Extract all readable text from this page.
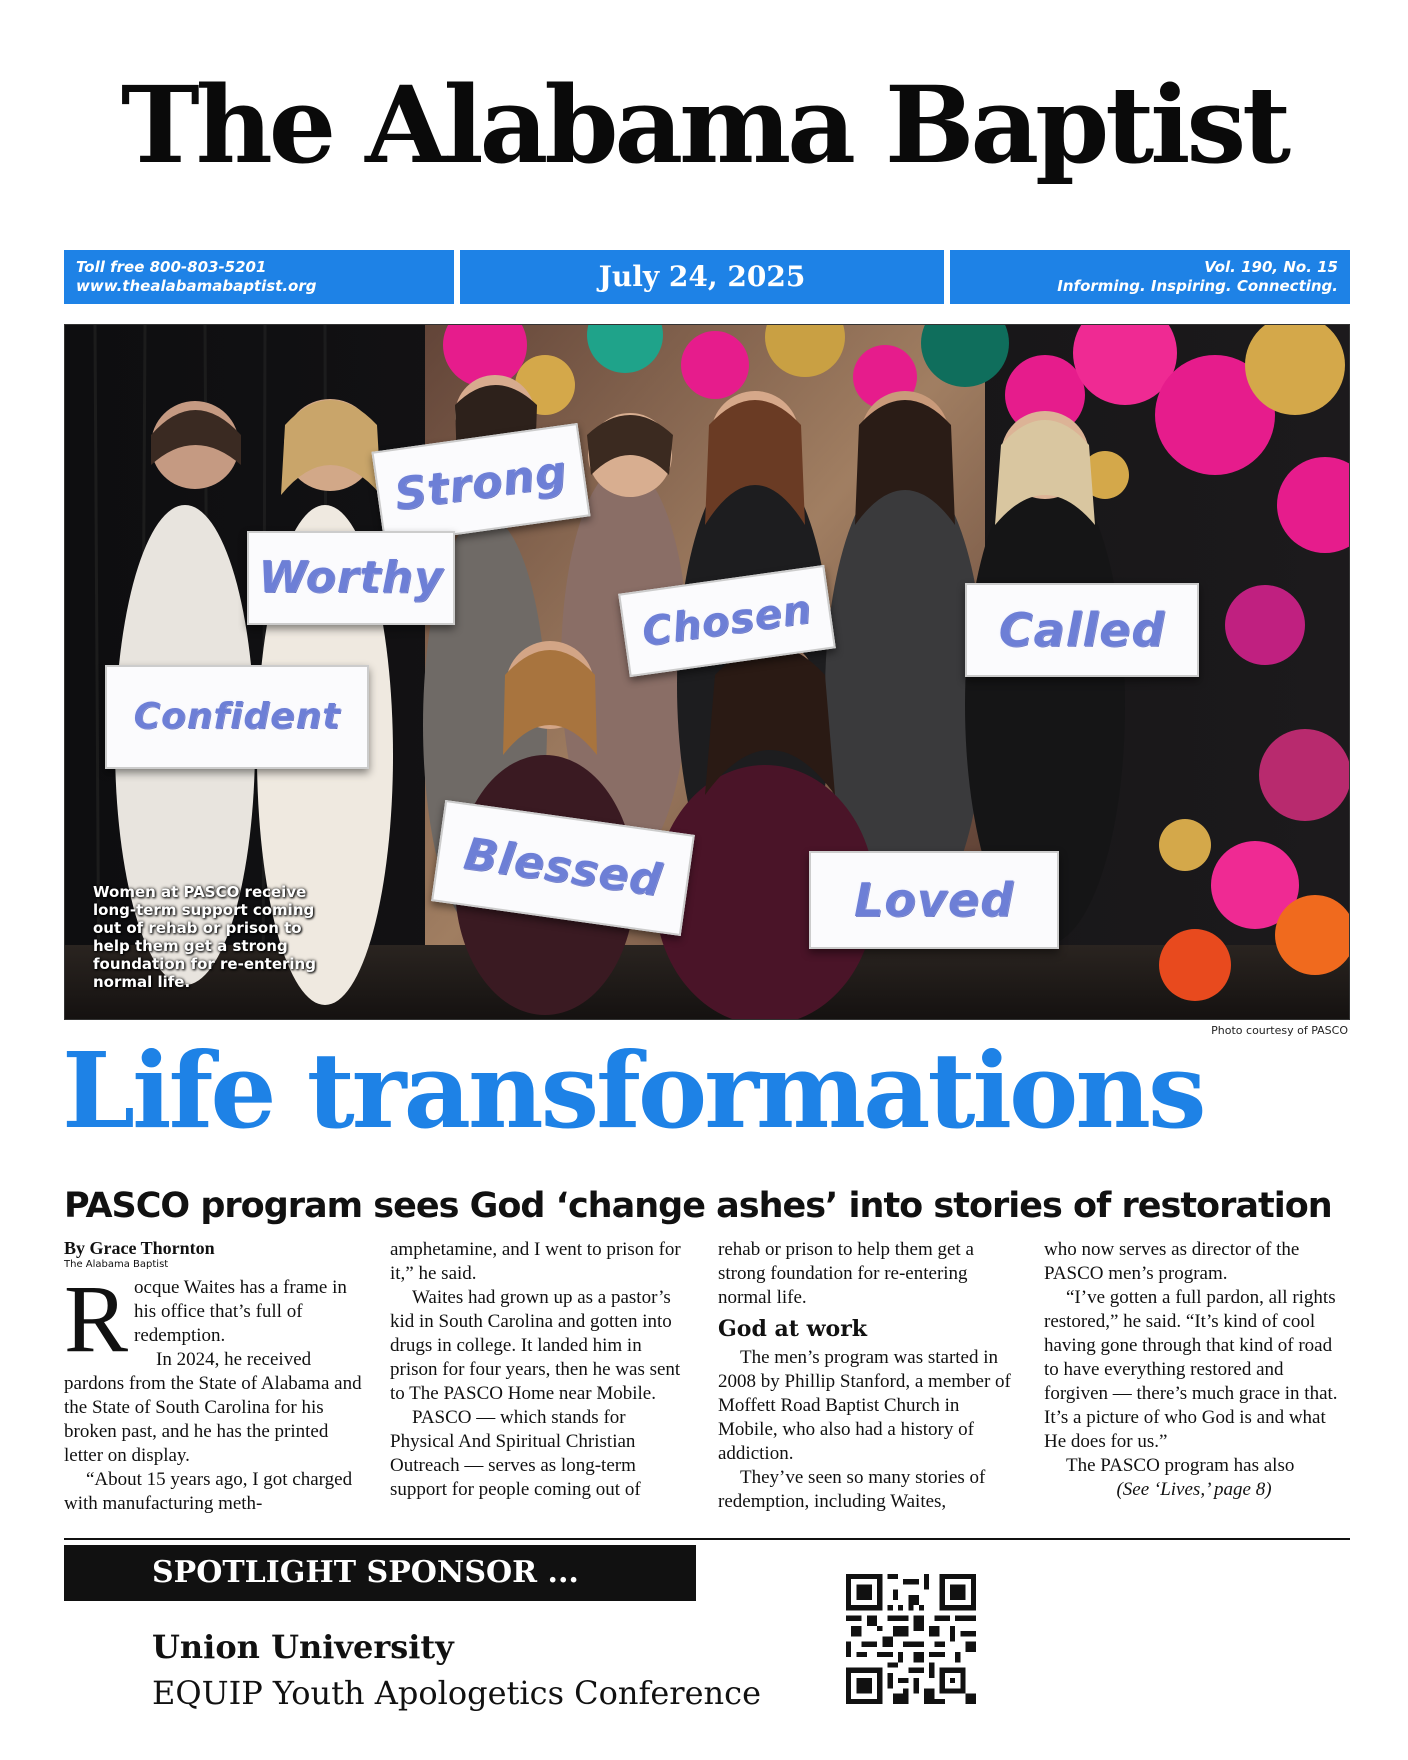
The Alabama Baptist
Toll free 800-803-5201
www.thealabamabaptist.org	July 24, 2025	Vol. 190, No. 15
Informing. Inspiring. Connecting.
Strong
Worthy
Chosen	Called
Confident
Blessed	Loved
Women at PASCO receive long-term support coming out of rehab or prison to help them get a strong foundation for re-entering normal life.
Photo courtesy of PASCO
Life transformations
PASCO program sees God ‘change ashes’ into stories of restoration
By Grace Thornton
The Alabama Baptist
R ocque Waites has a frame in his office that’s full of redemption.

In 2024, he received pardons from the State of Alabama and the State of South Carolina for his broken past, and he has the printed letter on display.

“About 15 years ago, I got charged with manufacturing meth-

amphetamine, and I went to prison for it,” he said.

Waites had grown up as a pastor’s kid in South Carolina and gotten into drugs in college. It landed him in prison for four years, then he was sent to The PASCO Home near Mobile.

PASCO — which stands for Physical And Spiritual Christian Outreach — serves as long-term support for people coming out of

rehab or prison to help them get a strong foundation for re-entering normal life.

God at work

The men’s program was started in 2008 by Phillip Stanford, a member of Moffett Road Baptist Church in Mobile, who also had a history of addiction.

They’ve seen so many stories of redemption, including Waites,

who now serves as director of the PASCO men’s program.

“I’ve gotten a full pardon, all rights restored,” he said. “It’s kind of cool having gone through that kind of road to have everything restored and forgiven — there’s much grace in that. It’s a picture of who God is and what He does for us.”

The PASCO program has also

(See ‘Lives,’ page 8)
SPOTLIGHT SPONSOR ...
Union University
EQUIP Youth Apologetics Conference
